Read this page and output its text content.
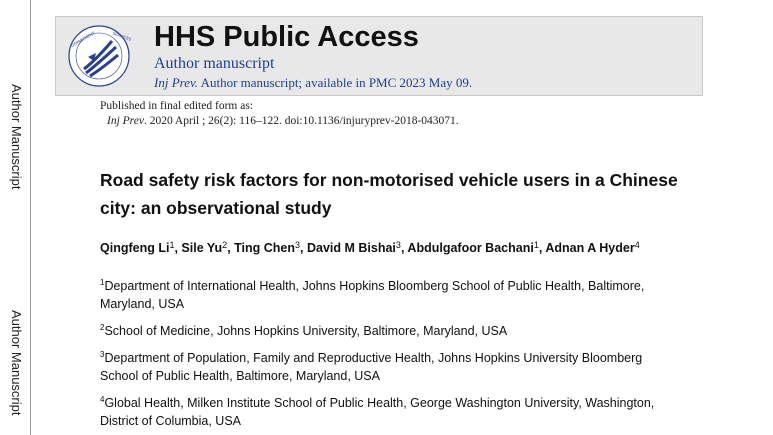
Author Manuscript
Author Manuscript
DEPARTMENT	SERVICES HHS Public Access
Author manuscript
Inj Prev. Author manuscript; available in PMC 2023 May 09.
Published in final edited form as:
Inj Prev. 2020 April ; 26(2): 116–122. doi:10.1136/injuryprev-2018-043071.
Road safety risk factors for non-motorised vehicle users in a Chinese city: an observational study
Qingfeng Li$^1$, Sile Yu$^2$, Ting Chen$^3$, David M Bishai$^3$, Abdulgafoor Bachani$^1$, Adnan A Hyder$^4$
$^1$Department of International Health, Johns Hopkins Bloomberg School of Public Health, Baltimore, Maryland, USA
$^2$School of Medicine, Johns Hopkins University, Baltimore, Maryland, USA
$^3$Department of Population, Family and Reproductive Health, Johns Hopkins University Bloomberg School of Public Health, Baltimore, Maryland, USA
$^4$Global Health, Milken Institute School of Public Health, George Washington University, Washington, District of Columbia, USA
